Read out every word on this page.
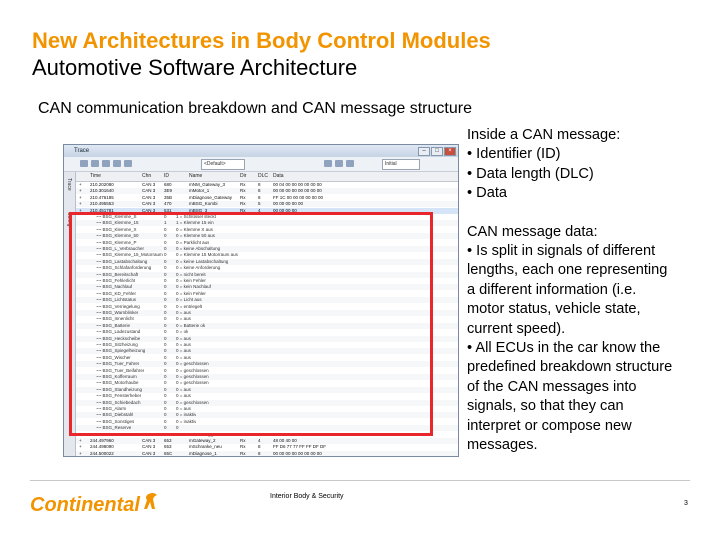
New Architectures in Body Control Modules
Automotive Software Architecture
CAN communication breakdown and CAN message structure
Trace	–	□	×
<Default>	Initial
Trace
Config
Time	Chn	ID	Name	Dir DLC Data
+ 210.202080	CAN 3 680	mNM_Gateway_3	Rx	8	00 04 00 00 00 00 00 00
+ 210.301640	CAN 3 3E9	mMotor_1	Rx	8	00 00 00 00 00 00 00 00
+ 210.476185	CAN 3 35B	mDiagnose_Gateway Rx	8	FF 1C 00 00 00 00 00 00
+ 210.495553	CAN 3 470	mBSG_Kombi	Rx	5	00 00 00 00 00
+ 210.451781	CAN 3 531	mBSG_3	Rx	4	00 00 00 00
~~ BSG_Klemme_S	0 1 = Schlüssel steckt
~~ BSG_Klemme_15	1 1 = Klemme 15 ein
~~ BSG_Klemme_X	0 0 = Klemme X aus
~~ BSG_Klemme_50	0 0 = Klemme 50 aus
~~ BSG_Klemme_P	0 0 = Parklicht aus
~~ BSG_L_Verbraucher	0 0 = keine Abschaltung
~~ BSG_Klemme_15_Motorraum 0 0 = Klemme 15 Motorraum aus
~~ BSG_Lastabschaltung	0 0 = keine Lastabschaltung
~~ BSG_Schlafanforderung	0 0 = keine Anforderung
~~ BSG_Bereitschaft	0 0 = nicht bereit
~~ BSG_Fehlerlicht	0 0 = kein Fehler
~~ BSG_Nachlauf	0 0 = kein Nachlauf
~~ BSG_KD_Fehler	0 0 = kein Fehler
~~ BSG_Lichtstatus	0 0 = Licht aus
~~ BSG_Verriegelung	0 0 = entriegelt
~~ BSG_Warnblinker	0 0 = aus
~~ BSG_Innenlicht	0 0 = aus
~~ BSG_Batterie	0 0 = Batterie ok
~~ BSG_Ladezustand	0 0 = ok
~~ BSG_Heckscheibe	0 0 = aus
~~ BSG_Sitzheizung	0 0 = aus
~~ BSG_Spiegelheizung	0 0 = aus
~~ BSG_Wischer	0 0 = aus
~~ BSG_Tuer_Fahrer	0 0 = geschlossen
~~ BSG_Tuer_Beifahrer	0 0 = geschlossen
~~ BSG_Kofferraum	0 0 = geschlossen
~~ BSG_Motorhaube	0 0 = geschlossen
~~ BSG_Standheizung	0 0 = aus
~~ BSG_Fensterheber	0 0 = aus
~~ BSG_Schiebedach	0 0 = geschlossen
~~ BSG_Alarm	0 0 = aus
~~ BSG_Diebstahl	0 0 = inaktiv
~~ BSG_Sonstiges	0 0 = inaktiv
~~ BSG_Reserve	0 0
+ 244.497880	CAN 3 6FF	mGateway_3	Rx	8	00 00 00 00 00 00 00 00
+ 244.497960	CAN 3 653	mGateway_2	Rx	4	48 00 40 00
+ 244.498090	CAN 3 653	mSchranke_neu	Rx	8	FF D6 77 77 FF FF DF DF
+ 244.500022	CAN 3 65C	mDiagnose_1	Rx	8	00 00 00 00 00 00 00 00
Inside a CAN message:
• Identifier (ID)
• Data length (DLC)
• Data
CAN message data:
• Is split in signals of different
lengths, each one representing
a different information (i.e.
motor status, vehicle state,
current speed).
• All ECUs in the car know the
predefined breakdown structure
of the CAN messages into
signals, so that they can
interpret or compose new
messages.
Continental	Interior Body & Security
3
